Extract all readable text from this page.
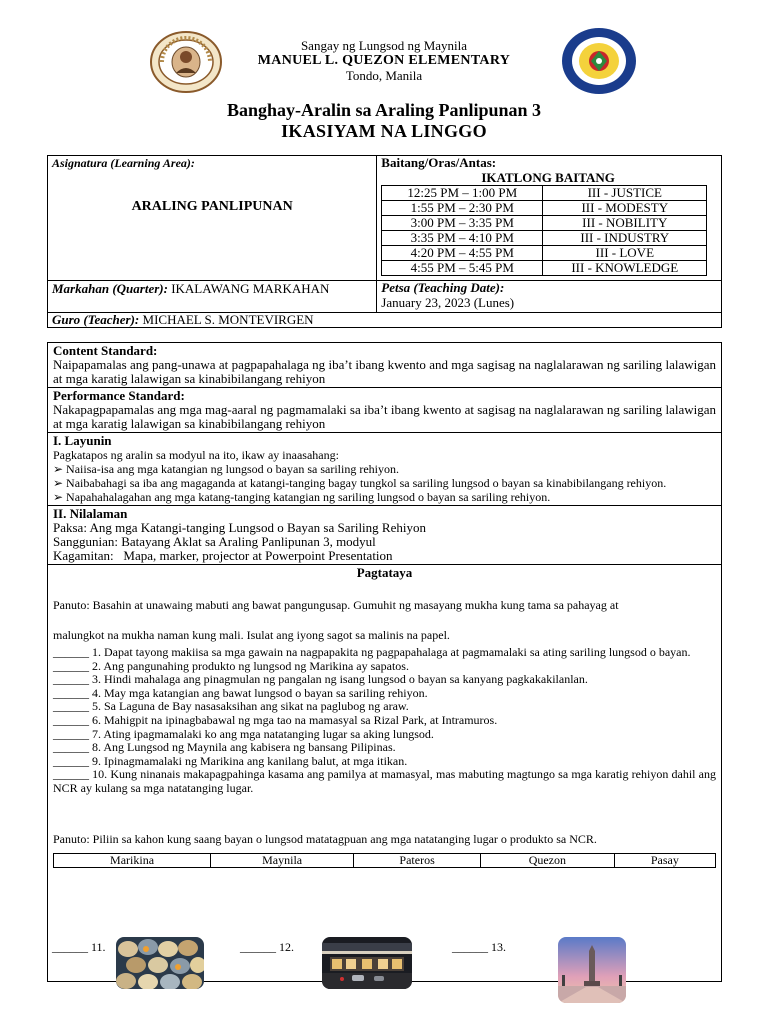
Sangay ng Lungsod ng Maynila
MANUEL L. QUEZON ELEMENTARY
Tondo, Manila
Banghay-Aralin sa Araling Panlipunan 3
IKASIYAM NA LINGGO
Asignatura (Learning Area):
ARALING PANLIPUNAN

Baitang/Oras/Antas:
IKATLONG BAITANG
12:25 PM – 1:00 PM	III - JUSTICE
1:55 PM – 2:30 PM	III - MODESTY
3:00 PM – 3:35 PM	III - NOBILITY
3:35 PM – 4:10 PM	III - INDUSTRY
4:20 PM – 4:55 PM	III - LOVE
4:55 PM – 5:45 PM	III - KNOWLEDGE

Markahan (Quarter): IKALAWANG MARKAHAN	Petsa (Teaching Date):
January 23, 2023 (Lunes)

Guro (Teacher): MICHAEL S. MONTEVIRGEN
Content Standard:
Naipapamalas ang pang-unawa at pagpapahalaga ng iba’t ibang kwento and mga sagisag na naglalarawan ng sariling lalawigan at mga karatig lalawigan sa kinabibilangang rehiyon
Performance Standard:
Nakapagpapamalas ang mga mag-aaral ng pagmamalaki sa iba’t ibang kwento at sagisag na naglalarawan ng sariling lalawigan at mga karatig lalawigan sa kinabibilangang rehiyon
I. Layunin
Pagkatapos ng aralin sa modyul na ito, ikaw ay inaasahang:
➢ Naiisa-isa ang mga katangian ng lungsod o bayan sa sariling rehiyon.
➢ Naibabahagi sa iba ang magaganda at katangi-tanging bagay tungkol sa sariling lungsod o bayan sa kinabibilangang rehiyon.
➢ Napahahalagahan ang mga katang-tanging katangian ng sariling lungsod o bayan sa sariling rehiyon.
II. Nilalaman
Paksa: Ang mga Katangi-tanging Lungsod o Bayan sa Sariling Rehiyon
Sanggunian: Batayang Aklat sa Araling Panlipunan 3, modyul
Kagamitan:   Mapa, marker, projector at Powerpoint Presentation
Pagtataya
Panuto: Basahin at unawaing mabuti ang bawat pangungusap. Gumuhit ng masayang mukha kung tama sa pahayag at
malungkot na mukha naman kung mali. Isulat ang iyong sagot sa malinis na papel.
______ 1. Dapat tayong makiisa sa mga gawain na nagpapakita ng pagpapahalaga at pagmamalaki sa ating sariling lungsod o bayan.
______ 2. Ang pangunahing produkto ng lungsod ng Marikina ay sapatos.
______ 3. Hindi mahalaga ang pinagmulan ng pangalan ng isang lungsod o bayan sa kanyang pagkakakilanlan.
______ 4. May mga katangian ang bawat lungsod o bayan sa sariling rehiyon.
______ 5. Sa Laguna de Bay nasasaksihan ang sikat na paglubog ng araw.
______ 6. Mahigpit na ipinagbabawal ng mga tao na mamasyal sa Rizal Park, at Intramuros.
______ 7. Ating ipagmamalaki ko ang mga natatanging lugar sa aking lungsod.
______ 8. Ang Lungsod ng Maynila ang kabisera ng bansang Pilipinas.
______ 9. Ipinagmamalaki ng Marikina ang kanilang balut, at mga itikan.
______ 10. Kung ninanais makapagpahinga kasama ang pamilya at mamasyal, mas mabuting magtungo sa mga karatig rehiyon dahil ang NCR ay kulang sa mga natatanging lugar.
Panuto: Piliin sa kahon kung saang bayan o lungsod matatagpuan ang mga natatanging lugar o produkto sa NCR.
Marikina	Maynila	Pateros	Quezon	Pasay
______ 11.	______ 12.	______ 13.
